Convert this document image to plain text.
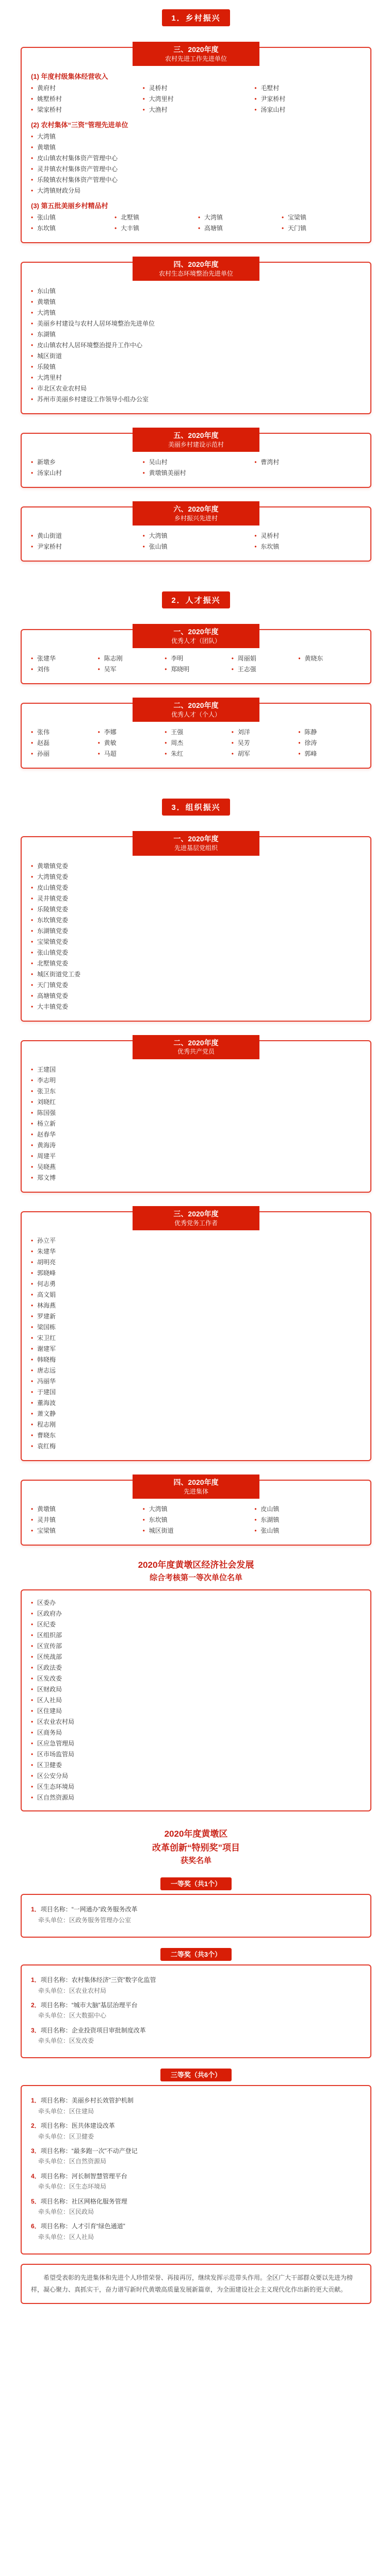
1．乡村振兴
三、2020年度
农村先进工作先进单位
(1) 年度村级集体经营收入
• 黄府村	• 灵桥村	• 毛墅村
• 姚墅桥村	• 大湾里村	• 尹家桥村
• 梁家桥村	• 大渔村	• 汤家山村
(2) 农村集体“三资”管理先进单位
• 大湾镇
• 黄墩镇
• 皮山镇农村集体资产管理中心
• 灵井镇农村集体资产管理中心
• 乐陵镇农村集体资产管理中心
• 大湾镇财政分局
(3) 第五批美丽乡村精品村
• 张山镇	• 北墅镇	• 大湾镇	• 宝梁镇
• 东坎镇	• 大丰镇	• 高塘镇	• 天门镇
四、2020年度
农村生态环境整治先进单位
• 东山镇
• 黄墩镇
• 大湾镇
• 美丽乡村建设与农村人居环境整治先进单位
• 东湖镇
• 皮山镇农村人居环境整治提升工作中心
• 城区街道
• 乐陵镇
• 大湾里村
• 市北区农业农村局
• 苏州市美丽乡村建设工作领导小组办公室
五、2020年度
美丽乡村建设示范村
• 新墩乡	• 吴山村	• 曹湾村
• 汤家山村	• 黄墩镇美丽村
六、2020年度
乡村振兴先进村
• 黄山街道	• 大湾镇	• 灵桥村
• 尹家桥村	• 张山镇	• 东坎镇
2．人才振兴
一、2020年度
优秀人才（团队）
• 张建华	• 陈志刚	• 李明	• 周丽娟	• 黄晓东
• 刘伟	• 吴军	• 郑晓明	• 王志强
二、2020年度
优秀人才（个人）
• 张伟	• 李娜	• 王强	• 刘洋	• 陈静
• 赵磊	• 黄敏	• 周杰	• 吴芳	• 徐涛
• 孙丽	• 马超	• 朱红	• 胡军	• 郭峰
3．组织振兴
一、2020年度
先进基层党组织
• 黄墩镇党委
• 大湾镇党委
• 皮山镇党委
• 灵井镇党委
• 乐陵镇党委
• 东坎镇党委
• 东湖镇党委
• 宝梁镇党委
• 张山镇党委
• 北墅镇党委
• 城区街道党工委
• 天门镇党委
• 高塘镇党委
• 大丰镇党委
二、2020年度
优秀共产党员
• 王建国
• 李志明
• 张卫东
• 刘晓红
• 陈国强
• 杨立新
• 赵春华
• 黄海涛
• 周建平
• 吴晓燕
• 郑文博
三、2020年度
优秀党务工作者
• 孙立平
• 朱建华
• 胡明亮
• 郭晓峰
• 何志勇
• 高文娟
• 林海燕
• 罗建新
• 梁国栋
• 宋卫红
• 谢建军
• 韩晓梅
• 唐志远
• 冯丽华
• 于建国
• 董海波
• 萧文静
• 程志刚
• 曹晓东
• 袁红梅
四、2020年度
先进集体
• 黄墩镇	• 大湾镇	• 皮山镇
• 灵井镇	• 东坎镇	• 东湖镇
• 宝梁镇	• 城区街道	• 张山镇
2020年度黄墩区经济社会发展
综合考核第一等次单位名单
• 区委办
• 区政府办
• 区纪委
• 区组织部
• 区宣传部
• 区统战部
• 区政法委
• 区发改委
• 区财政局
• 区人社局
• 区住建局
• 区农业农村局
• 区商务局
• 区应急管理局
• 区市场监管局
• 区卫健委
• 区公安分局
• 区生态环境局
• 区自然资源局
2020年度黄墩区
改革创新“特别奖”项目
获奖名单
一等奖（共1个）
1．项目名称：“一网通办”政务服务改革
牵头单位：区政务服务管理办公室
二等奖（共3个）
1．项目名称：农村集体经济“三资”数字化监管
牵头单位：区农业农村局
2．项目名称：“城市大脑”基层治理平台
牵头单位：区大数据中心
3．项目名称：企业投资项目审批制度改革
牵头单位：区发改委
三等奖（共6个）
1．项目名称：美丽乡村长效管护机制
牵头单位：区住建局
2．项目名称：医共体建设改革
牵头单位：区卫健委
3．项目名称：“最多跑一次”不动产登记
牵头单位：区自然资源局
4．项目名称：河长制智慧管理平台
牵头单位：区生态环境局
5．项目名称：社区网格化服务管理
牵头单位：区民政局
6．项目名称：人才引育“绿色通道”
牵头单位：区人社局
希望受表彰的先进集体和先进个人珍惜荣誉、再接再厉，继续发挥示范带头作用。全区广大干部群众要以先进为榜样，凝心聚力、真抓实干，奋力谱写新时代黄墩高质量发展新篇章，为全面建设社会主义现代化作出新的更大贡献。
